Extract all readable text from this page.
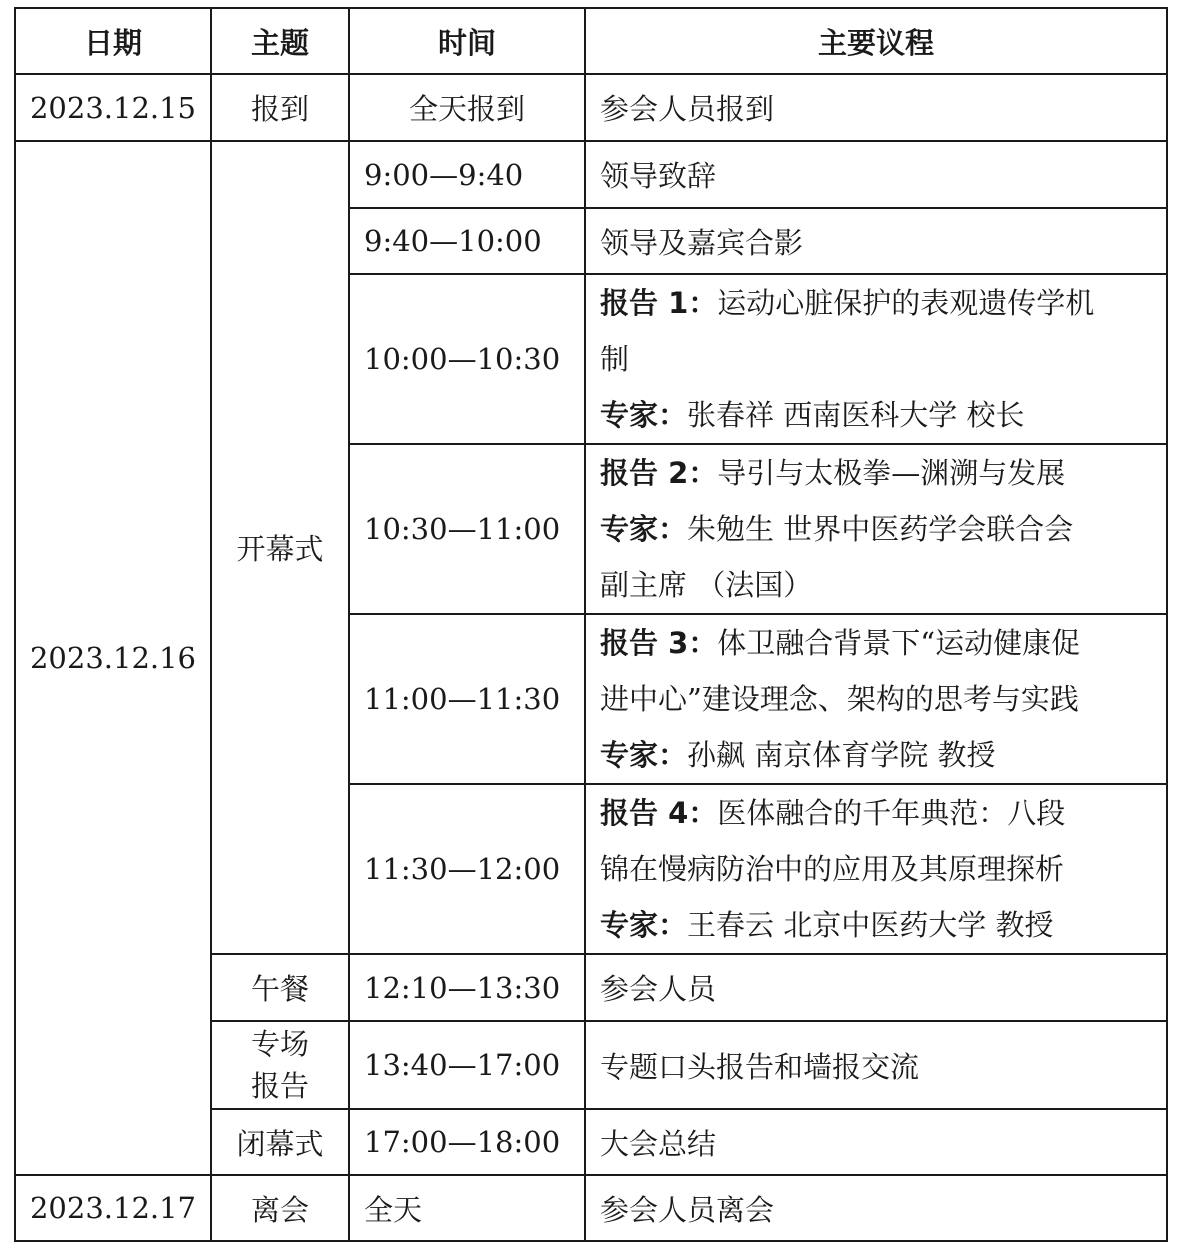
日期	主题	时间	主要议程
2023.12.15	报到	全天报到	参会人员报到
2023.12.16	开幕式	9:00—9:40	领导致辞
		9:40—10:00	领导及嘉宾合影
		10:00—10:30	报告 1：运动心脏保护的表观遗传学机
制
专家：张春祥 西南医科大学 校长

		10:30—11:00	报告 2：导引与太极拳—渊溯与发展
专家：朱勉生 世界中医药学会联合会
副主席 （法国）

		11:00—11:30	报告 3：体卫融合背景下“运动健康促
进中心”建设理念、架构的思考与实践
专家：孙飙 南京体育学院 教授

		11:30—12:00	报告 4：医体融合的千年典范：八段
锦在慢病防治中的应用及其原理探析
专家：王春云 北京中医药大学 教授

	午餐	12:10—13:30	参会人员

	专场
报告	13:40—17:00	专题口头报告和墙报交流
	闭幕式	17:00—18:00	大会总结
2023.12.17	离会	全天	参会人员离会
